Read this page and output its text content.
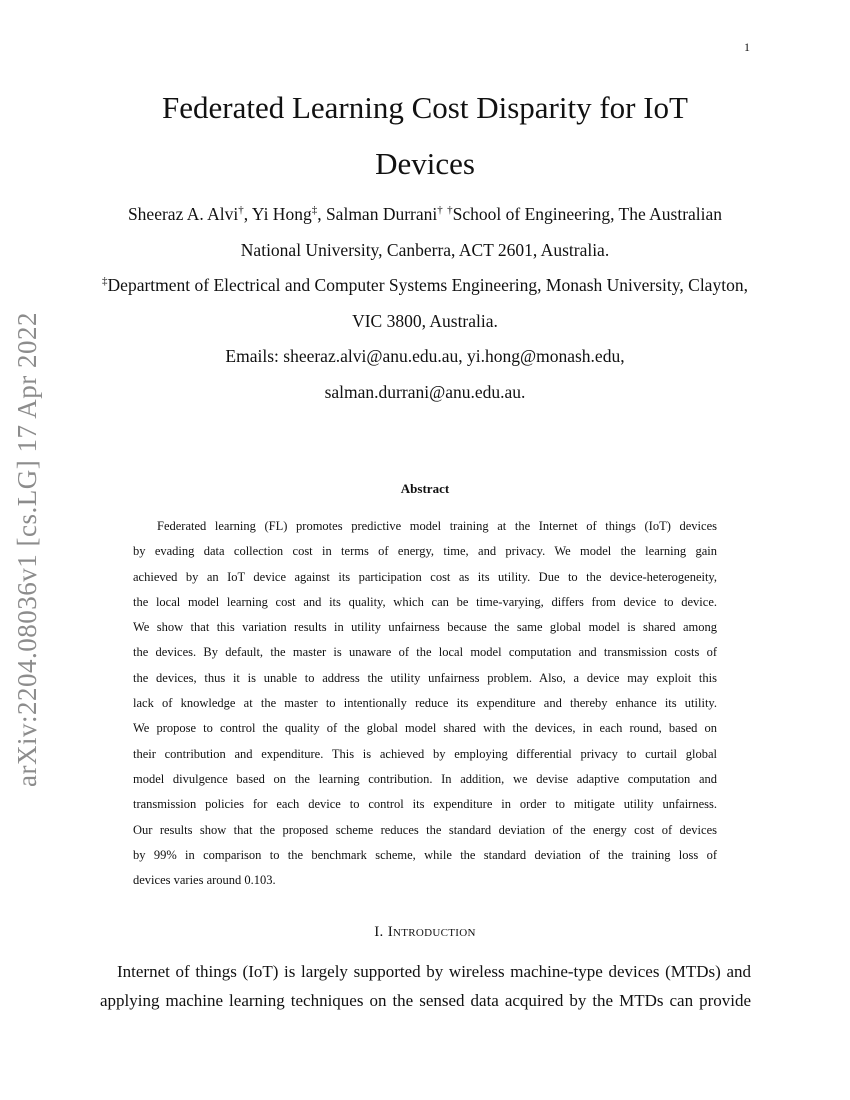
1
arXiv:2204.08036v1 [cs.LG] 17 Apr 2022
Federated Learning Cost Disparity for IoT
Devices
Sheeraz A. Alvi†, Yi Hong‡, Salman Durrani† †School of Engineering, The Australian National University, Canberra, ACT 2601, Australia.
‡Department of Electrical and Computer Systems Engineering, Monash University, Clayton, VIC 3800, Australia.
Emails: sheeraz.alvi@anu.edu.au, yi.hong@monash.edu,
salman.durrani@anu.edu.au.
Abstract
Federated learning (FL) promotes predictive model training at the Internet of things (IoT) devices
by evading data collection cost in terms of energy, time, and privacy. We model the learning gain
achieved by an IoT device against its participation cost as its utility. Due to the device-heterogeneity,
the local model learning cost and its quality, which can be time-varying, differs from device to device.
We show that this variation results in utility unfairness because the same global model is shared among
the devices. By default, the master is unaware of the local model computation and transmission costs of
the devices, thus it is unable to address the utility unfairness problem. Also, a device may exploit this
lack of knowledge at the master to intentionally reduce its expenditure and thereby enhance its utility.
We propose to control the quality of the global model shared with the devices, in each round, based on
their contribution and expenditure. This is achieved by employing differential privacy to curtail global
model divulgence based on the learning contribution. In addition, we devise adaptive computation and
transmission policies for each device to control its expenditure in order to mitigate utility unfairness.
Our results show that the proposed scheme reduces the standard deviation of the energy cost of devices
by 99% in comparison to the benchmark scheme, while the standard deviation of the training loss of
devices varies around 0.103.
I. Introduction
Internet of things (IoT) is largely supported by wireless machine-type devices (MTDs) and
applying machine learning techniques on the sensed data acquired by the MTDs can provide
